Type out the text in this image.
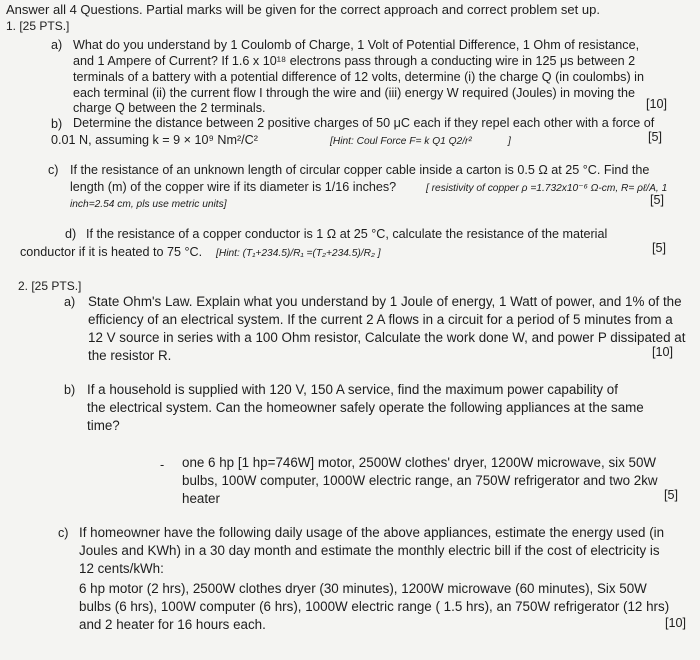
Answer all 4 Questions. Partial marks will be given for the correct approach and correct problem set up.
1. [25 PTS.]
a) What do you understand by 1 Coulomb of Charge, 1 Volt of Potential Difference, 1 Ohm of resistance,
and 1 Ampere of Current? If 1.6 x 10¹⁸ electrons pass through a conducting wire in 125 μs between 2
terminals of a battery with a potential difference of 12 volts, determine (i) the charge Q (in coulombs) in
each terminal (ii) the current flow I through the wire and (iii) energy W required (Joules) in moving the
charge Q between the 2 terminals.	[10]
b) Determine the distance between 2 positive charges of 50 μC each if they repel each other with a force of
0.01 N, assuming k = 9 × 10⁹ Nm²/C²	[Hint: Coul Force F= k Q1 Q2/r²	]	[5]
c) If the resistance of an unknown length of circular copper cable inside a carton is 0.5 Ω at 25 °C. Find the
length (m) of the copper wire if its diameter is 1/16 inches?	[ resistivity of copper ρ =1.732x10⁻⁶ Ω-cm, R= ρℓ/A, 1
inch=2.54 cm, pls use metric units]	[5]
d) If the resistance of a copper conductor is 1 Ω at 25 °C, calculate the resistance of the material
conductor if it is heated to 75 °C. [Hint: (T₁+234.5)/R₁ =(T₂+234.5)/R₂ ]	[5]
2. [25 PTS.]
a) State Ohm's Law. Explain what you understand by 1 Joule of energy, 1 Watt of power, and 1% of the
efficiency of an electrical system. If the current 2 A flows in a circuit for a period of 5 minutes from a
12 V source in series with a 100 Ohm resistor, Calculate the work done W, and power P dissipated at
the resistor R.	[10]
b) If a household is supplied with 120 V, 150 A service, find the maximum power capability of
the electrical system. Can the homeowner safely operate the following appliances at the same
time?
- one 6 hp [1 hp=746W] motor, 2500W clothes' dryer, 1200W microwave, six 50W
bulbs, 100W computer, 1000W electric range, an 750W refrigerator and two 2kw
heater	[5]
c) If homeowner have the following daily usage of the above appliances, estimate the energy used (in
Joules and KWh) in a 30 day month and estimate the monthly electric bill if the cost of electricity is
12 cents/kWh:
6 hp motor (2 hrs), 2500W clothes dryer (30 minutes), 1200W microwave (60 minutes), Six 50W
bulbs (6 hrs), 100W computer (6 hrs), 1000W electric range ( 1.5 hrs), an 750W refrigerator (12 hrs)
and 2 heater for 16 hours each.	[10]
